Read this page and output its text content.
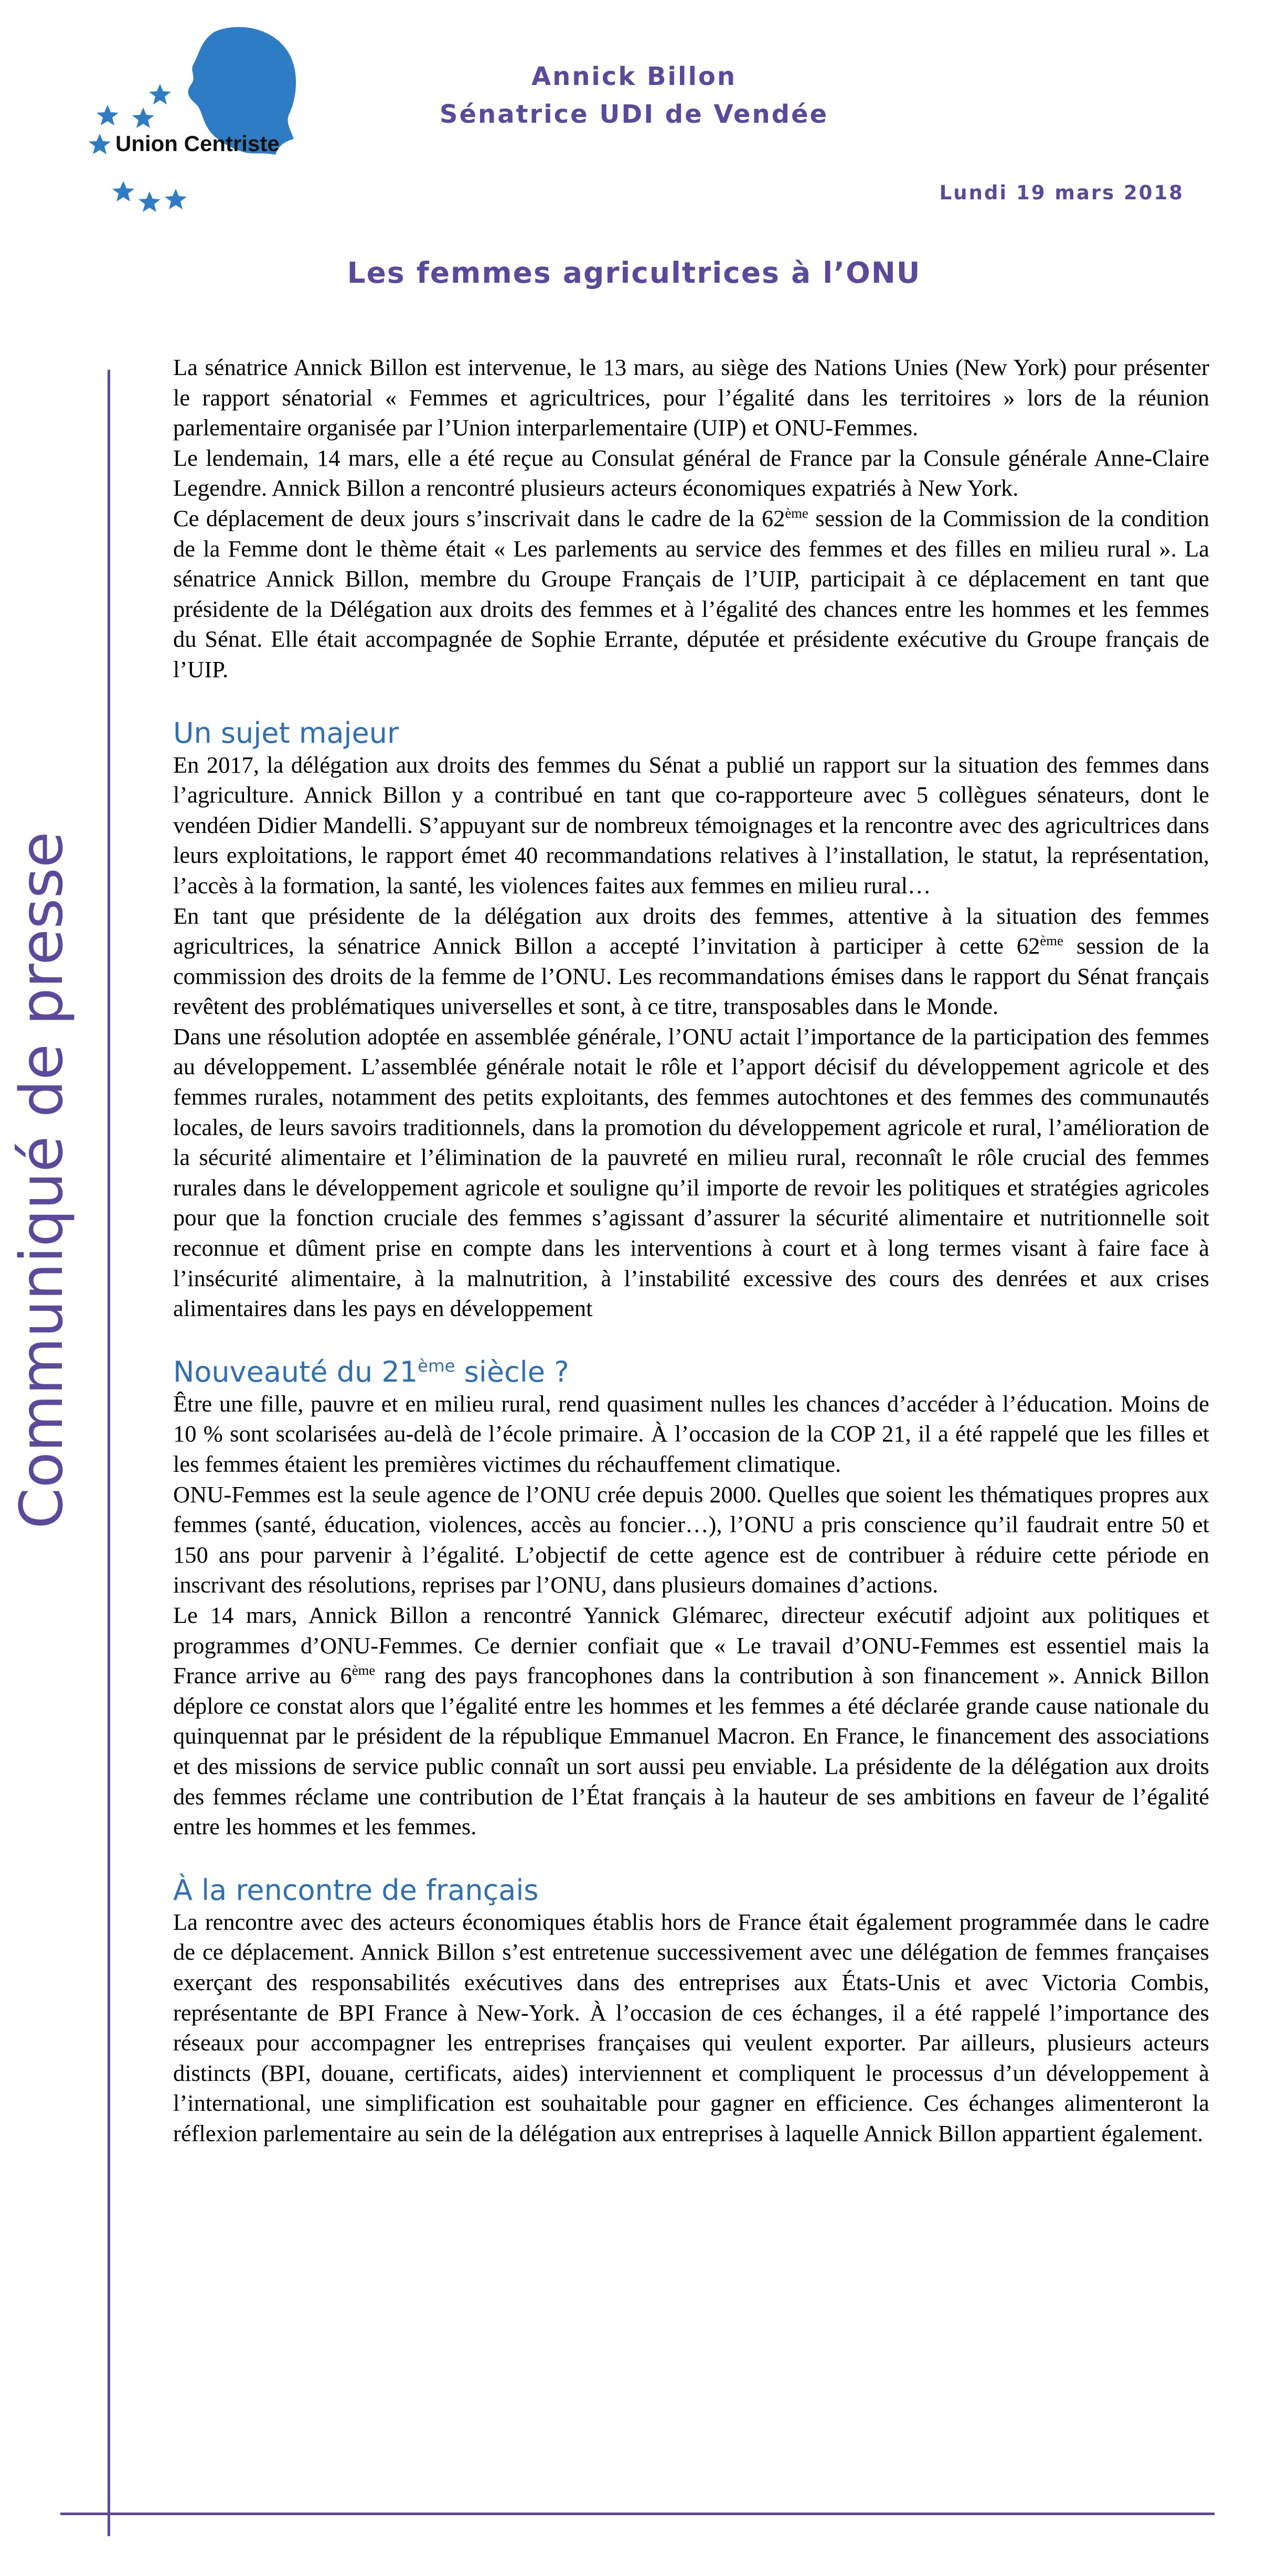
Union Centriste
Annick Billon
Sénatrice UDI de Vendée
Lundi 19 mars 2018
Les femmes agricultrices à l’ONU
Communiqué de presse

La sénatrice Annick Billon est intervenue, le 13 mars, au siège des Nations Unies (New York) pour présenter le rapport sénatorial « Femmes et agricultrices, pour l’égalité dans les territoires » lors de la réunion parlementaire organisée par l’Union interparlementaire (UIP) et ONU-Femmes.

Le lendemain, 14 mars, elle a été reçue au Consulat général de France par la Consule générale Anne-Claire Legendre. Annick Billon a rencontré plusieurs acteurs économiques expatriés à New York.

Ce déplacement de deux jours s’inscrivait dans le cadre de la 62ème session de la Commission de la condition de la Femme dont le thème était « Les parlements au service des femmes et des filles en milieu rural ». La sénatrice Annick Billon, membre du Groupe Français de l’UIP, participait à ce déplacement en tant que présidente de la Délégation aux droits des femmes et à l’égalité des chances entre les hommes et les femmes du Sénat. Elle était accompagnée de Sophie Errante, députée et présidente exécutive du Groupe français de l’UIP.

Un sujet majeur

En 2017, la délégation aux droits des femmes du Sénat a publié un rapport sur la situation des femmes dans l’agriculture. Annick Billon y a contribué en tant que co-rapporteure avec 5 collègues sénateurs, dont le vendéen Didier Mandelli. S’appuyant sur de nombreux témoignages et la rencontre avec des agricultrices dans leurs exploitations, le rapport émet 40 recommandations relatives à l’installation, le statut, la représentation, l’accès à la formation, la santé, les violences faites aux femmes en milieu rural…

En tant que présidente de la délégation aux droits des femmes, attentive à la situation des femmes agricultrices, la sénatrice Annick Billon a accepté l’invitation à participer à cette 62ème session de la commission des droits de la femme de l’ONU. Les recommandations émises dans le rapport du Sénat français revêtent des problématiques universelles et sont, à ce titre, transposables dans le Monde.

Dans une résolution adoptée en assemblée générale, l’ONU actait l’importance de la participation des femmes au développement. L’assemblée générale notait le rôle et l’apport décisif du développement agricole et des femmes rurales, notamment des petits exploitants, des femmes autochtones et des femmes des communautés locales, de leurs savoirs traditionnels, dans la promotion du développement agricole et rural, l’amélioration de la sécurité alimentaire et l’élimination de la pauvreté en milieu rural, reconnaît le rôle crucial des femmes rurales dans le développement agricole et souligne qu’il importe de revoir les politiques et stratégies agricoles pour que la fonction cruciale des femmes s’agissant d’assurer la sécurité alimentaire et nutritionnelle soit reconnue et dûment prise en compte dans les interventions à court et à long termes visant à faire face à l’insécurité alimentaire, à la malnutrition, à l’instabilité excessive des cours des denrées et aux crises alimentaires dans les pays en développement

Nouveauté du 21ème siècle ?

Être une fille, pauvre et en milieu rural, rend quasiment nulles les chances d’accéder à l’éducation. Moins de 10 % sont scolarisées au-delà de l’école primaire. À l’occasion de la COP 21, il a été rappelé que les filles et les femmes étaient les premières victimes du réchauffement climatique.

ONU-Femmes est la seule agence de l’ONU crée depuis 2000. Quelles que soient les thématiques propres aux femmes (santé, éducation, violences, accès au foncier…), l’ONU a pris conscience qu’il faudrait entre 50 et 150 ans pour parvenir à l’égalité. L’objectif de cette agence est de contribuer à réduire cette période en inscrivant des résolutions, reprises par l’ONU, dans plusieurs domaines d’actions.

Le 14 mars, Annick Billon a rencontré Yannick Glémarec, directeur exécutif adjoint aux politiques et programmes d’ONU-Femmes. Ce dernier confiait que « Le travail d’ONU-Femmes est essentiel mais la France arrive au 6ème rang des pays francophones dans la contribution à son financement ». Annick Billon déplore ce constat alors que l’égalité entre les hommes et les femmes a été déclarée grande cause nationale du quinquennat par le président de la république Emmanuel Macron. En France, le financement des associations et des missions de service public connaît un sort aussi peu enviable. La présidente de la délégation aux droits des femmes réclame une contribution de l’État français à la hauteur de ses ambitions en faveur de l’égalité entre les hommes et les femmes.

À la rencontre de français

La rencontre avec des acteurs économiques établis hors de France était également programmée dans le cadre de ce déplacement. Annick Billon s’est entretenue successivement avec une délégation de femmes françaises exerçant des responsabilités exécutives dans des entreprises aux États-Unis et avec Victoria Combis, représentante de BPI France à New-York. À l’occasion de ces échanges, il a été rappelé l’importance des réseaux pour accompagner les entreprises françaises qui veulent exporter. Par ailleurs, plusieurs acteurs distincts (BPI, douane, certificats, aides) interviennent et compliquent le processus d’un développement à l’international, une simplification est souhaitable pour gagner en efficience. Ces échanges alimenteront la réflexion parlementaire au sein de la délégation aux entreprises à laquelle Annick Billon appartient également.
